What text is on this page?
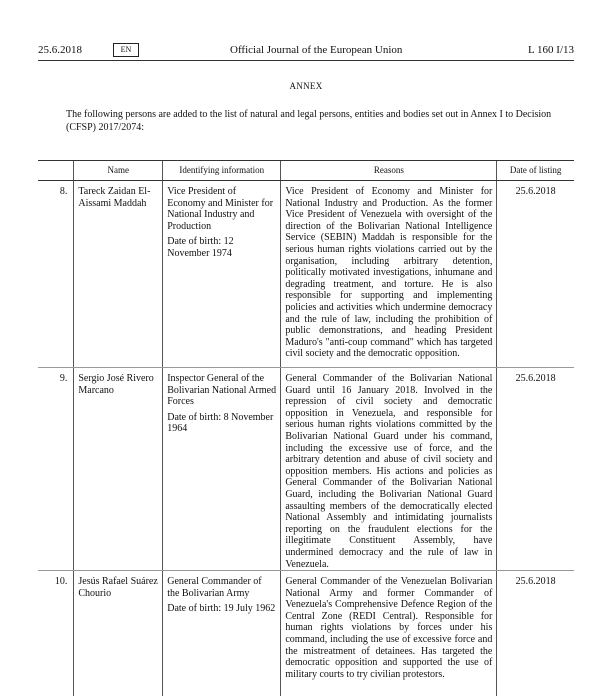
25.6.2018	EN	Official Journal of the European Union	L 160 I/13
ANNEX
The following persons are added to the list of natural and legal persons, entities and bodies set out in Annex I to Decision (CFSP) 2017/2074:
	Name	Identifying information	Reasons	Date of listing
8.	Tareck Zaidan El-Aissami Maddah	Vice President of Economy and Minister for National Industry and Production
Date of birth: 12 November 1974	Vice President of Economy and Minister for National Industry and Production. As the former Vice President of Venezuela with oversight of the direction of the Bolivarian National Intelligence Service (SEBIN) Maddah is responsible for the serious human rights violations carried out by the organisation, including arbitrary detention, politically motivated investigations, inhumane and degrading treatment, and torture. He is also responsible for supporting and implementing policies and activities which undermine democracy and the rule of law, including the prohibition of public demonstrations, and heading President Maduro's "anti-coup command" which has targeted civil society and the democratic opposition.	25.6.2018
9.	Sergio José Rivero Marcano	Inspector General of the Bolivarian National Armed Forces
Date of birth: 8 November 1964	General Commander of the Bolivarian National Guard until 16 January 2018. Involved in the repression of civil society and democratic opposition in Venezuela, and responsible for serious human rights violations committed by the Bolivarian National Guard under his command, including the excessive use of force, and the arbitrary detention and abuse of civil society and opposition members. His actions and policies as General Commander of the Bolivarian National Guard, including the Bolivarian National Guard assaulting members of the democratically elected National Assembly and intimidating journalists reporting on the fraudulent elections for the illegitimate Constituent Assembly, have undermined democracy and the rule of law in Venezuela.	25.6.2018
10.	Jesús Rafael Suárez Chourio	General Commander of the Bolivarian Army
Date of birth: 19 July 1962	General Commander of the Venezuelan Bolivarian National Army and former Commander of Venezuela's Comprehensive Defence Region of the Central Zone (REDI Central). Responsible for human rights violations by forces under his command, including the use of excessive force and the mistreatment of detainees. Has targeted the democratic opposition and supported the use of military courts to try civilian protestors.	25.6.2018
